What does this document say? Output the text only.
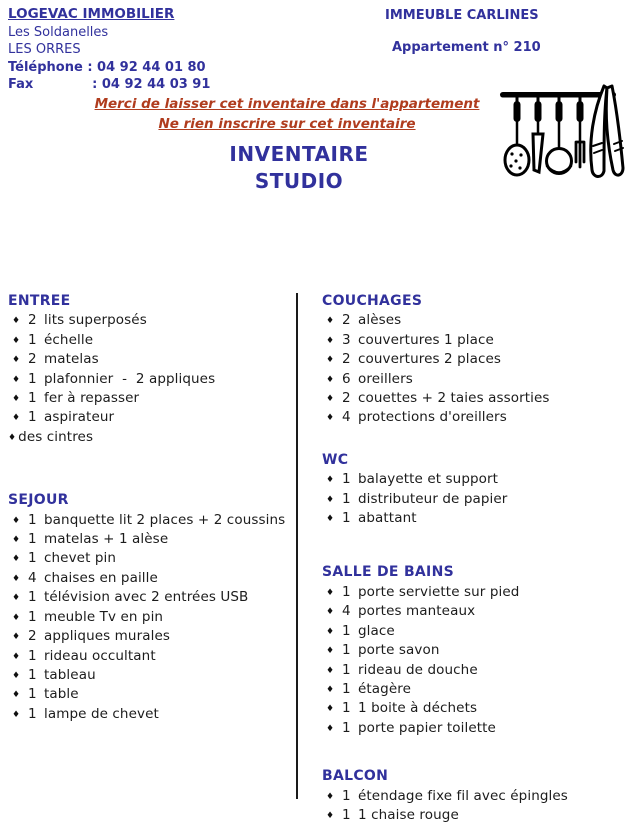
LOGEVAC IMMOBILIER
Les Soldanelles
LES ORRES
Téléphone : 04 92 44 01 80
Fax             : 04 92 44 03 91
IMMEUBLE CARLINES
Appartement n° 210
Merci de laisser cet inventaire dans l'appartement
Ne rien inscrire sur cet inventaire
INVENTAIRE
STUDIO
ENTREE
♦ 2 lits superposés
♦ 1 échelle
♦ 2 matelas
♦ 1 plafonnier  -  2 appliques
♦ 1 fer à repasser
♦ 1 aspirateur
♦ des cintres
SEJOUR
♦ 1 banquette lit 2 places + 2 coussins
♦ 1 matelas + 1 alèse
♦ 1 chevet pin
♦ 4 chaises en paille
♦ 1 télévision avec 2 entrées USB
♦ 1 meuble Tv en pin
♦ 2 appliques murales
♦ 1 rideau occultant
♦ 1 tableau
♦ 1 table
♦ 1 lampe de chevet
COUCHAGES
♦ 2 alèses
♦ 3 couvertures 1 place
♦ 2 couvertures 2 places
♦ 6 oreillers
♦ 2 couettes + 2 taies assorties
♦ 4 protections d'oreillers
WC
♦ 1 balayette et support
♦ 1 distributeur de papier
♦ 1 abattant
SALLE DE BAINS
♦ 1 porte serviette sur pied
♦ 4 portes manteaux
♦ 1 glace
♦ 1 porte savon
♦ 1 rideau de douche
♦ 1 étagère
♦ 1 1 boite à déchets
♦ 1 porte papier toilette
BALCON
♦ 1 étendage fixe fil avec épingles
♦ 1 1 chaise rouge
